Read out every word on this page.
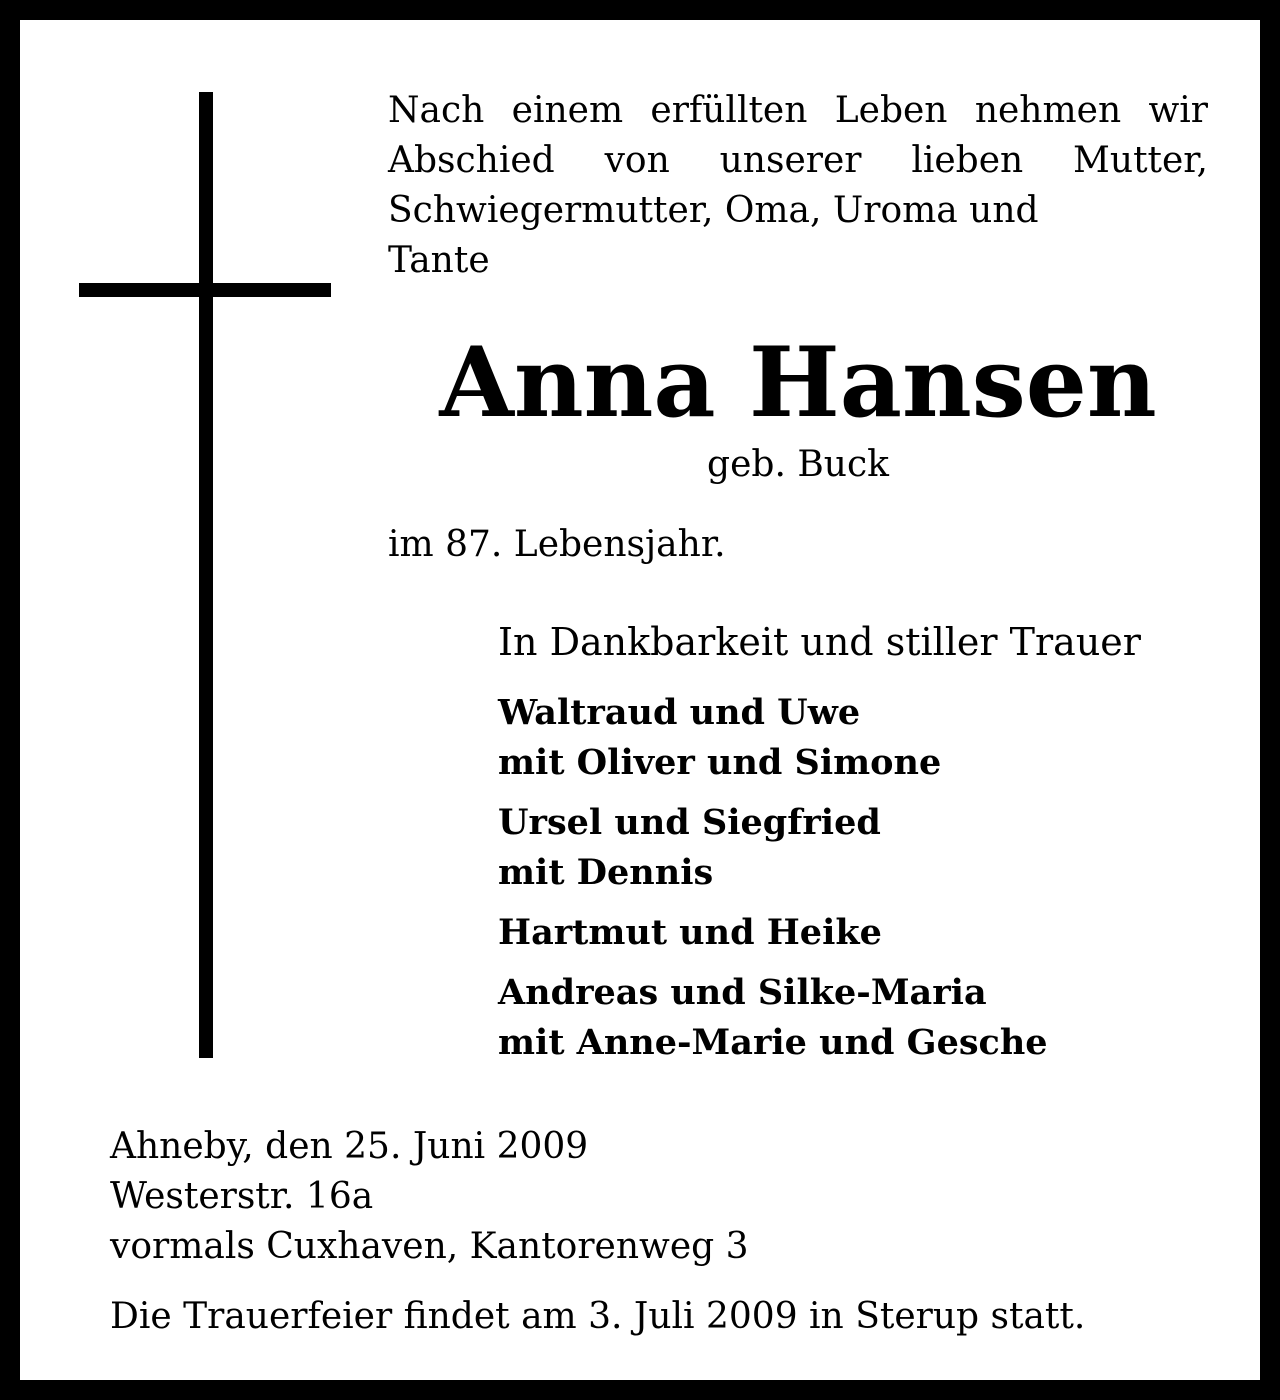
Nach einem erfüllten Leben nehmen wir
Abschied von unserer lieben Mutter,
Schwiegermutter, Oma, Uroma und
Tante
Anna Hansen
geb. Buck
im 87. Lebensjahr.
In Dankbarkeit und stiller Trauer
Waltraud und Uwe
mit Oliver und Simone
Ursel und Siegfried
mit Dennis
Hartmut und Heike
Andreas und Silke-Maria
mit Anne-Marie und Gesche
Ahneby, den 25. Juni 2009
Westerstr. 16a
vormals Cuxhaven, Kantorenweg 3
Die Trauerfeier findet am 3. Juli 2009 in Sterup statt.
